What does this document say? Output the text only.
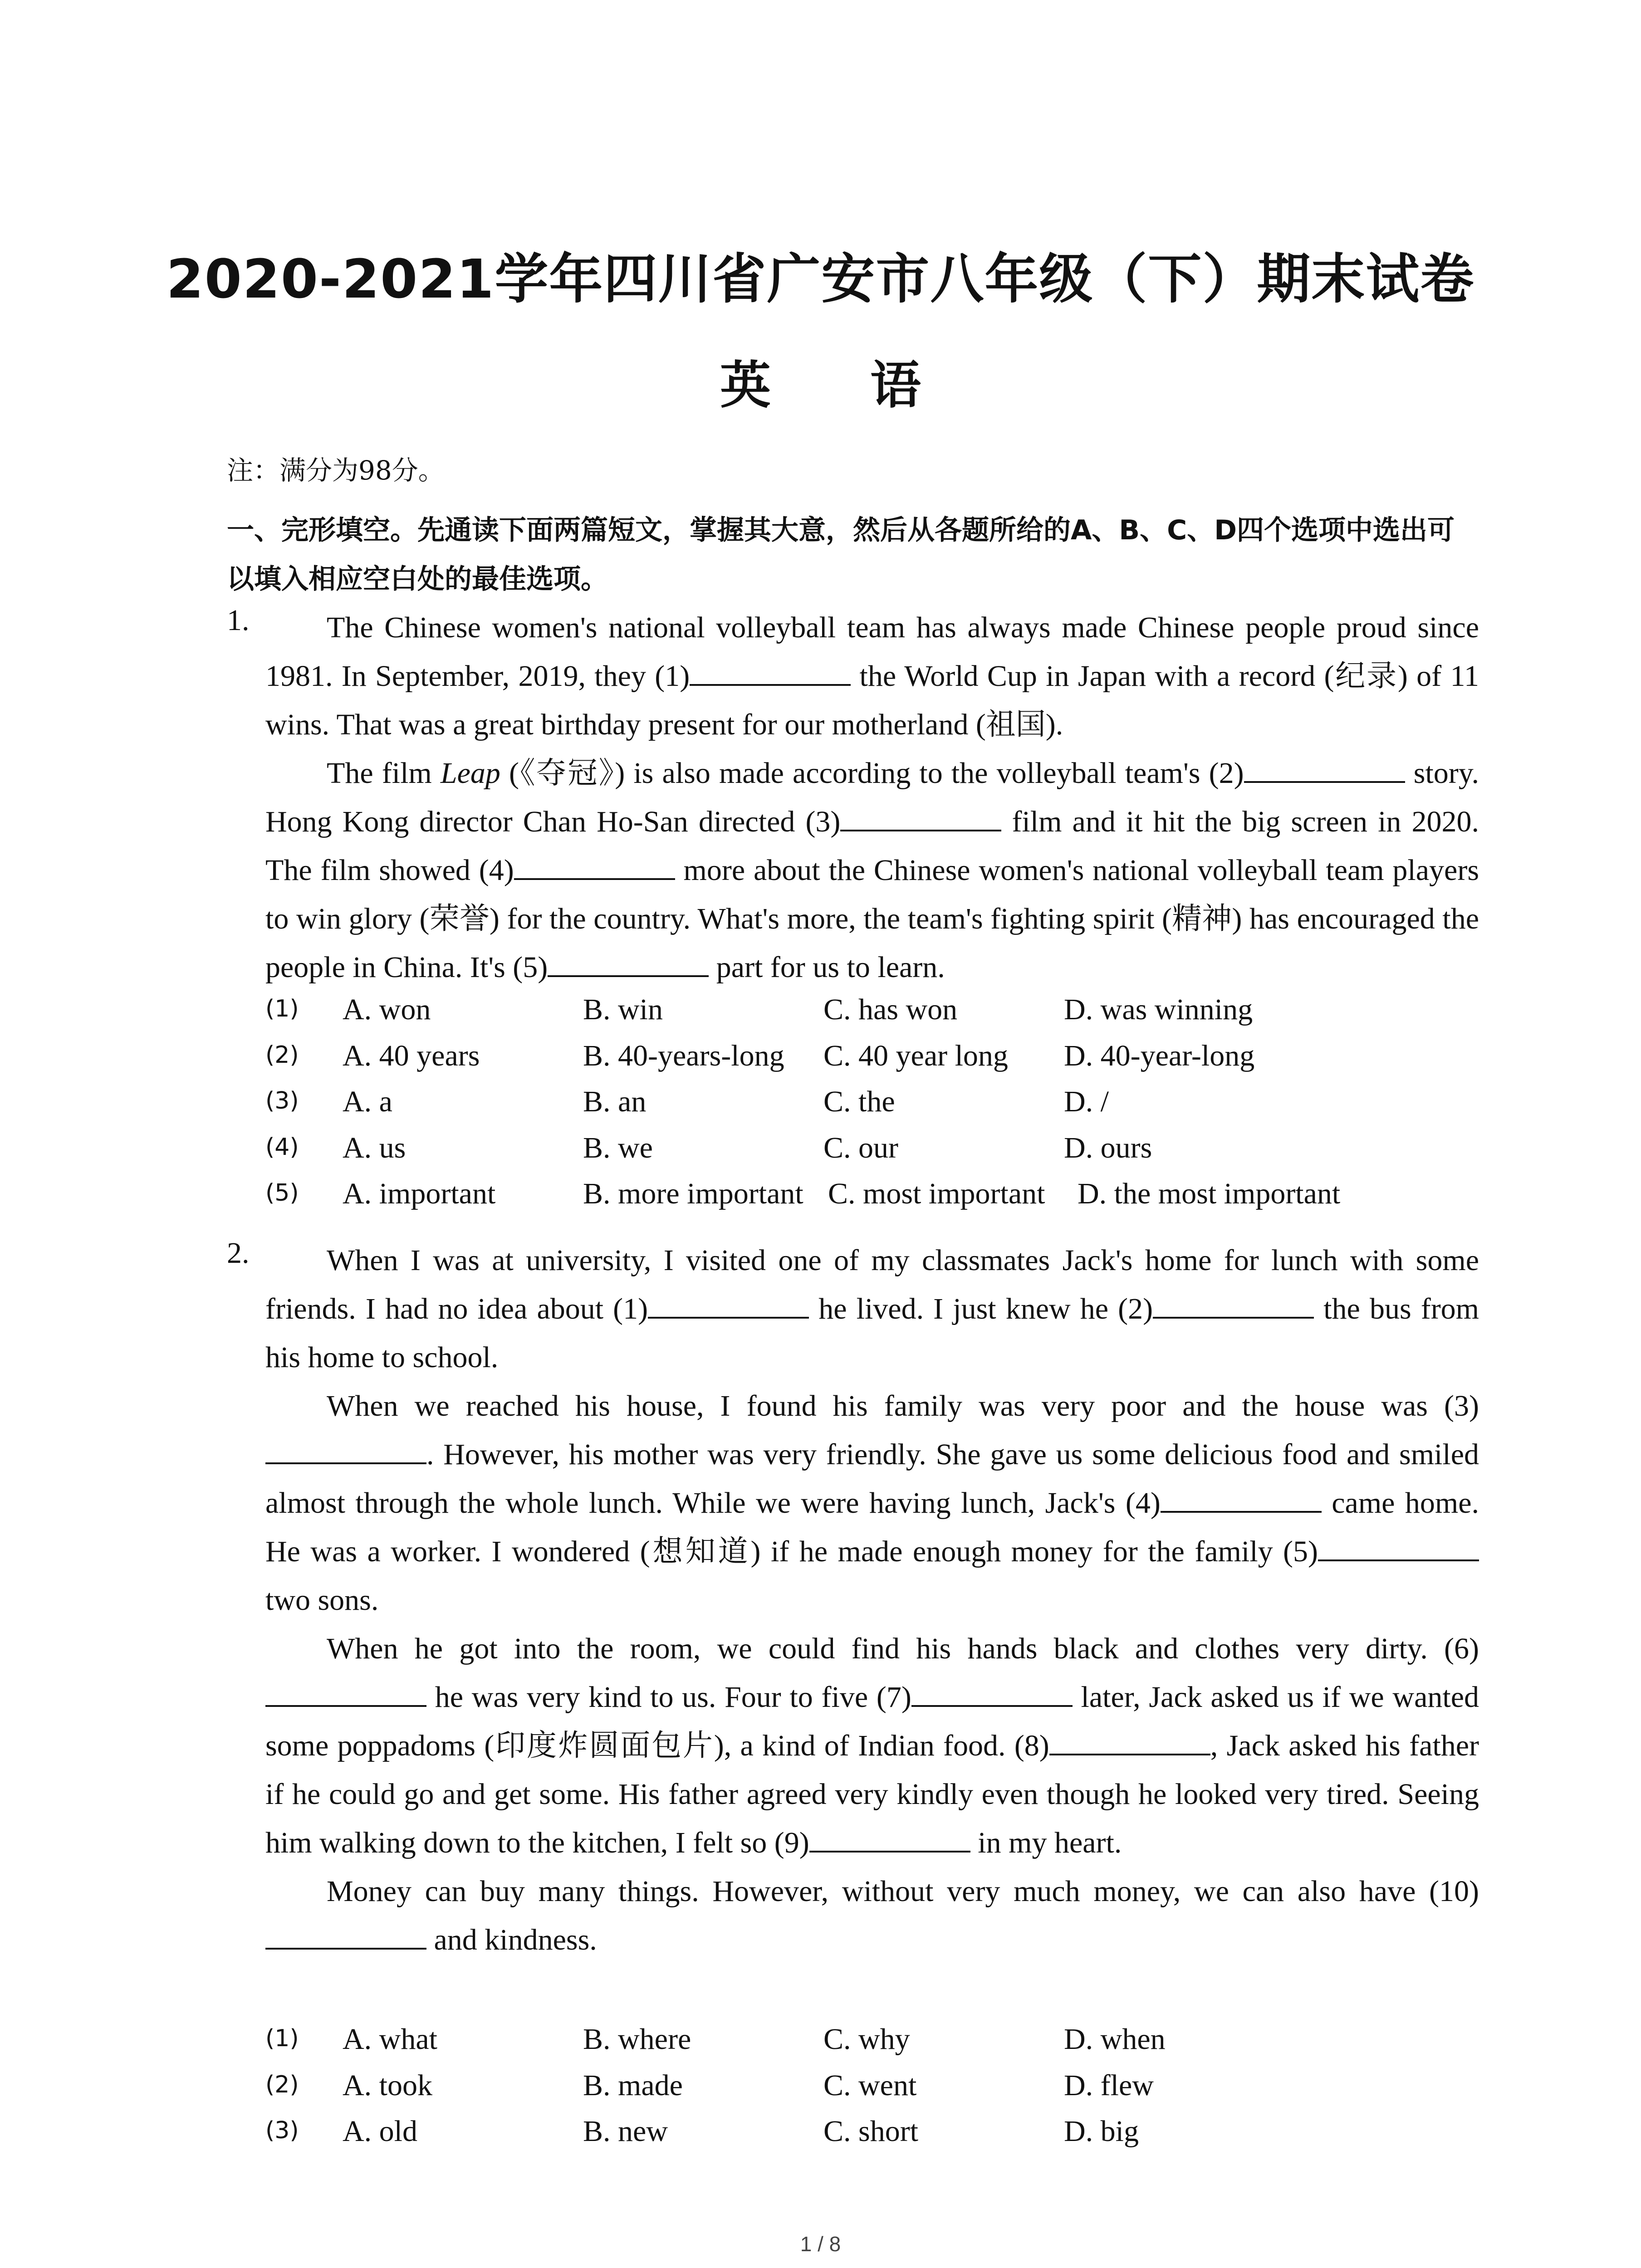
2020-2021学年四川省广安市八年级（下）期末试卷
英 语
注：满分为98分。
一、完形填空。先通读下面两篇短文，掌握其大意，然后从各题所给的A、B、C、D四个选项中选出可以填入相应空白处的最佳选项。
1.	The Chinese women's national volleyball team has always made Chinese people proud since 1981. In September, 2019, they (1)	the World Cup in Japan with a record (纪录) of 11 wins. That was a great birthday present for our motherland (祖国).
The film Leap (《夺冠》) is also made according to the volleyball team's (2)	story. Hong Kong director Chan Ho-San directed (3)	film and it hit the big screen in 2020. The film showed (4)	more about the Chinese women's national volleyball team players to win glory (荣誉) for the country. What's more, the team's fighting spirit (精神) has encouraged the people in China. It's (5)	part for us to learn.
(1) A. won	B. win	C. has won	D. was winning
(2) A. 40 years	B. 40-years-long C. 40 year long D. 40-year-long
(3) A. a	B. an	C. the	D. /
(4) A. us	B. we	C. our	D. ours
(5) A. important	B. more important C. most important D. the most important
2.	When I was at university, I visited one of my classmates Jack's home for lunch with some friends. I had no idea about (1)	he lived. I just knew he (2)	the bus from his home to school.
When we reached his house, I found his family was very poor and the house was (3). However, his mother was very friendly. She gave us some delicious food and smiled almost through the whole lunch. While we were having lunch, Jack's (4)	came home. He was a worker. I wondered (想知道) if he made enough money for the family (5) two sons.
When he got into the room, we could find his hands black and clothes very dirty. (6) he was very kind to us. Four to five (7)	later, Jack asked us if we wanted some poppadoms (印度炸圆面包片), a kind of Indian food. (8)	, Jack asked his father if he could go and get some. His father agreed very kindly even though he looked very tired. Seeing him walking down to the kitchen, I felt so (9)	in my heart.
Money can buy many things. However, without very much money, we can also have (10) and kindness.
(1) A. what	B. where	C. why	D. when
(2) A. took	B. made	C. went	D. flew
(3) A. old	B. new	C. short	D. big
1 / 8
